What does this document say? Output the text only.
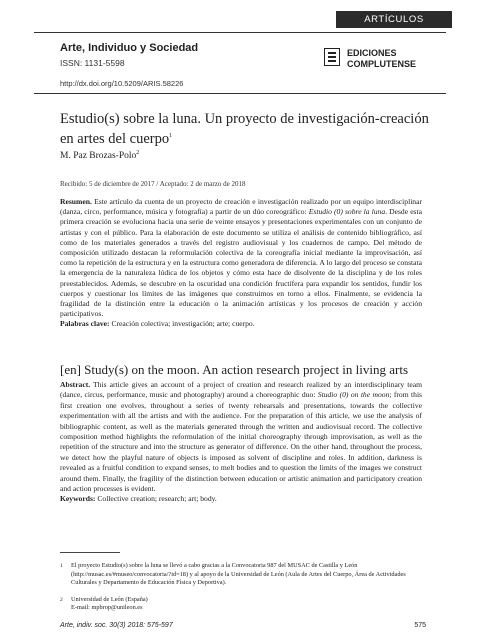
ARTÍCULOS
Arte, Individuo y Sociedad
ISSN: 1131-5598
http://dx.doi.org/10.5209/ARIS.58226
EDICIONES
COMPLUTENSE
Estudio(s) sobre la luna. Un proyecto de investigación-creación en artes del cuerpo$^1$
M. Paz Brozas-Polo$^2$
Recibido: 5 de diciembre de 2017 / Aceptado: 2 de marzo de 2018
Resumen. Este artículo da cuenta de un proyecto de creación e investigación realizado por un equipo interdisciplinar (danza, circo, performance, música y fotografía) a partir de un dúo coreográfico: Estudio (0) sobre la luna. Desde esta primera creación se evoluciona hacia una serie de veinte ensayos y presentaciones experimentales con un conjunto de artistas y con el público. Para la elaboración de este documento se utiliza el análisis de contenido bibliográfico, así como de los materiales generados a través del registro audiovisual y los cuadernos de campo. Del método de composición utilizado destacan la reformulación colectiva de la coreografía inicial mediante la improvisación, así como la repetición de la estructura y en la estructura como generadora de diferencia. A lo largo del proceso se constata la emergencia de la naturaleza lúdica de los objetos y cómo esta hace de disolvente de la disciplina y de los roles preestablecidos. Además, se descubre en la oscuridad una condición fructífera para expandir los sentidos, fundir los cuerpos y cuestionar los límites de las imágenes que construimos en torno a ellos. Finalmente, se evidencia la fragilidad de la distinción entre la educación o la animación artísticas y los procesos de creación y acción participativos.
Palabras clave: Creación colectiva; investigación; arte; cuerpo.
[en] Study(s) on the moon. An action research project in living arts
Abstract. This article gives an account of a project of creation and research realized by an interdisciplinary team (dance, circus, performance, music and photography) around a choreographic duo: Studio (0) on the moon; from this first creation one evolves, throughout a series of twenty rehearsals and presentations, towards the collective experimentation with all the artists and with the audience. For the preparation of this article, we use the analysis of bibliographic content, as well as the materials generated through the written and audiovisual record. The collective composition method highlights the reformulation of the initial choreography through improvisation, as well as the repetition of the structure and into the structure as generator of difference. On the other hand, throughout the process, we detect how the playful nature of objects is imposed as solvent of discipline and roles. In addition, darkness is revealed as a fruitful condition to expand senses, to melt bodies and to question the limits of the images we construct around them. Finally, the fragility of the distinction between education or artistic animation and participatory creation and action processes is evident.
Keywords: Collective creation; research; art; body.
1 El proyecto Estudio(s) sobre la luna se llevó a cabo gracias a la Convocatoria 987 del MUSAC de Castilla y León (http://musac.es/#museo/convocatoria/?id=18) y al apoyo de la Universidad de León (Aula de Artes del Cuerpo, Área de Actividades Culturales y Departamento de Educación Física y Deportiva).
2 Universidad de León (España)
E-mail: mpbrop@unileon.es
Arte, indiv. soc. 30(3) 2018: 575-597	575
